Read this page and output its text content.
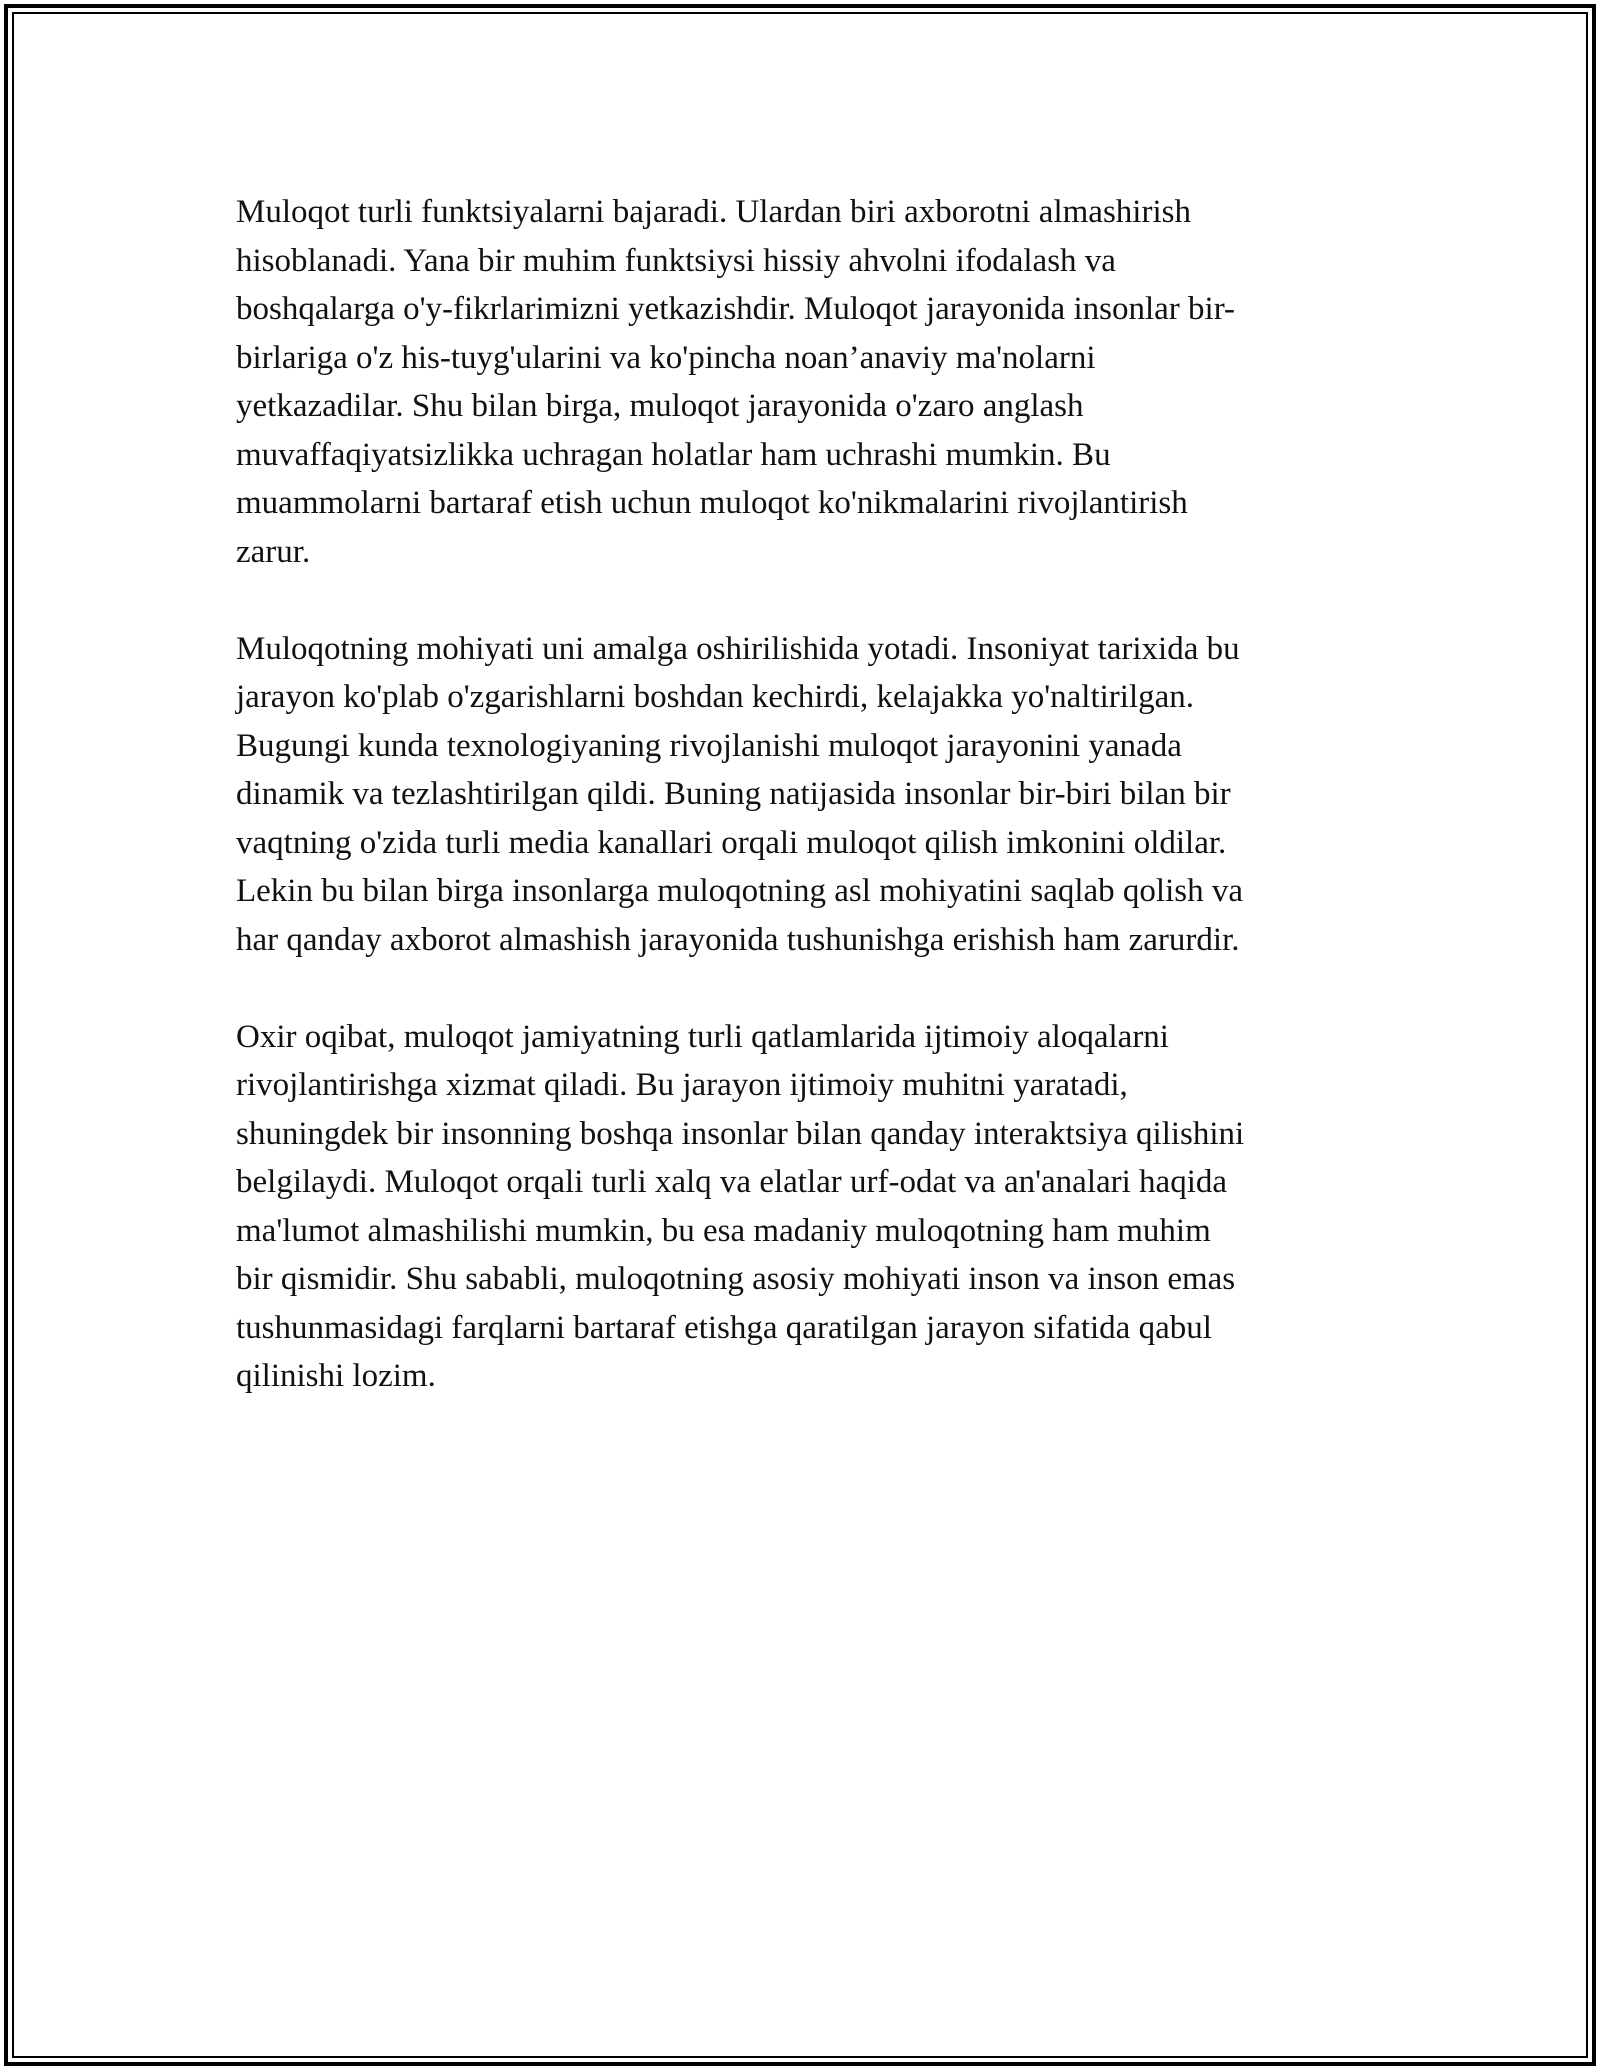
Muloqot turli funktsiyalarni bajaradi. Ulardan biri axborotni almashirish
hisoblanadi. Yana bir muhim funktsiysi hissiy ahvolni ifodalash va
boshqalarga o'y-fikrlarimizni yetkazishdir. Muloqot jarayonida insonlar bir-
birlariga o'z his-tuyg'ularini va ko'pincha noan’anaviy ma'nolarni
yetkazadilar. Shu bilan birga, muloqot jarayonida o'zaro anglash
muvaffaqiyatsizlikka uchragan holatlar ham uchrashi mumkin. Bu
muammolarni bartaraf etish uchun muloqot ko'nikmalarini rivojlantirish
zarur.

Muloqotning mohiyati uni amalga oshirilishida yotadi. Insoniyat tarixida bu
jarayon ko'plab o'zgarishlarni boshdan kechirdi, kelajakka yo'naltirilgan.
Bugungi kunda texnologiyaning rivojlanishi muloqot jarayonini yanada
dinamik va tezlashtirilgan qildi. Buning natijasida insonlar bir-biri bilan bir
vaqtning o'zida turli media kanallari orqali muloqot qilish imkonini oldilar.
Lekin bu bilan birga insonlarga muloqotning asl mohiyatini saqlab qolish va
har qanday axborot almashish jarayonida tushunishga erishish ham zarurdir.

Oxir oqibat, muloqot jamiyatning turli qatlamlarida ijtimoiy aloqalarni
rivojlantirishga xizmat qiladi. Bu jarayon ijtimoiy muhitni yaratadi,
shuningdek bir insonning boshqa insonlar bilan qanday interaktsiya qilishini
belgilaydi. Muloqot orqali turli xalq va elatlar urf-odat va an'analari haqida
ma'lumot almashilishi mumkin, bu esa madaniy muloqotning ham muhim
bir qismidir. Shu sababli, muloqotning asosiy mohiyati inson va inson emas
tushunmasidagi farqlarni bartaraf etishga qaratilgan jarayon sifatida qabul
qilinishi lozim.
